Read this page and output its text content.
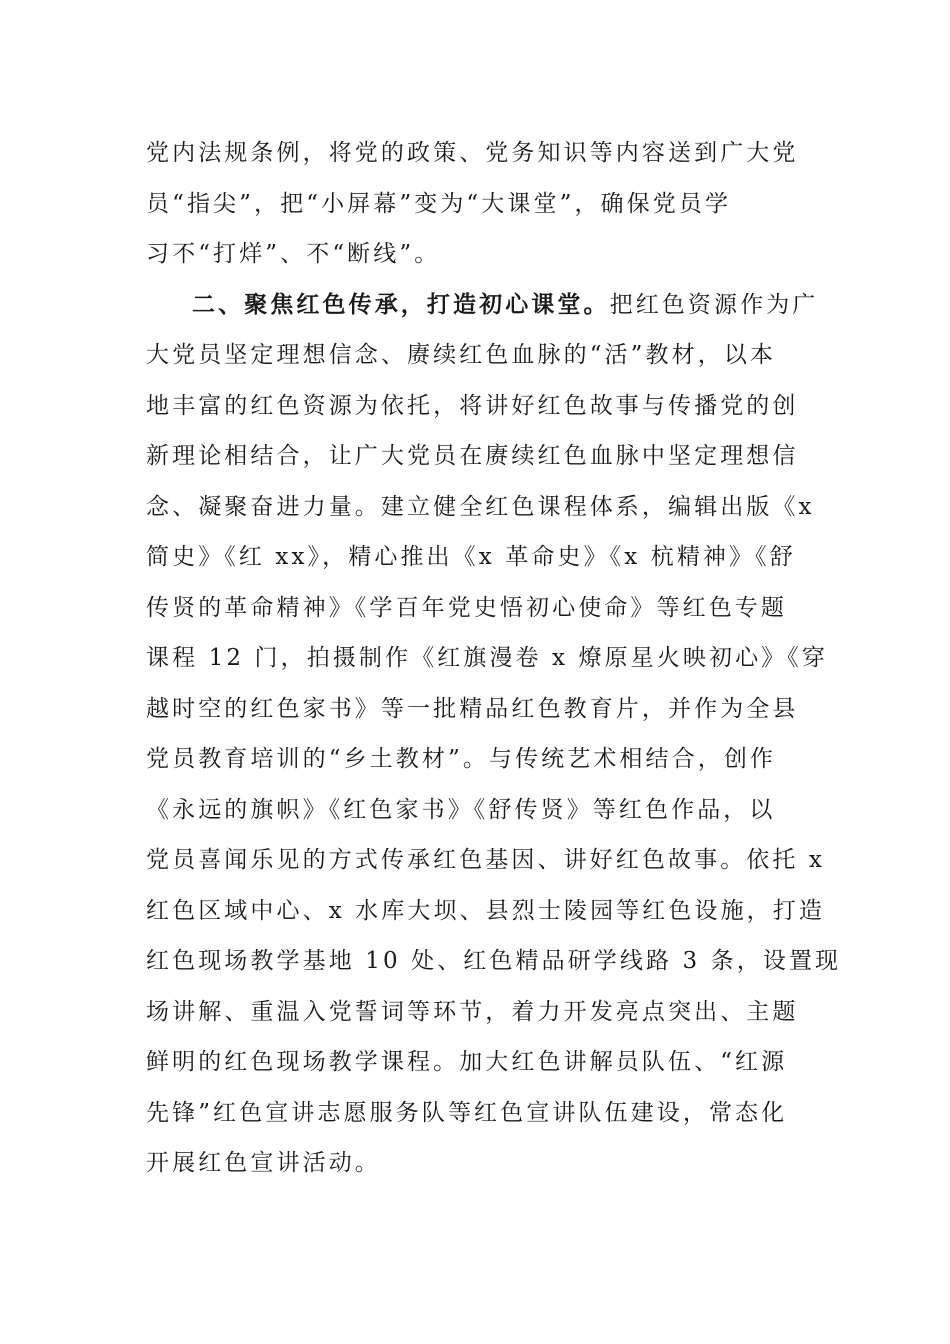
党内法规条例，将党的政策、党务知识等内容送到广大党
员“指尖”，把“小屏幕”变为“大课堂”，确保党员学
习不“打烊”、不“断线”。
二、聚焦红色传承，打造初心课堂。把红色资源作为广
大党员坚定理想信念、赓续红色血脉的“活”教材，以本
地丰富的红色资源为依托，将讲好红色故事与传播党的创
新理论相结合，让广大党员在赓续红色血脉中坚定理想信
念、凝聚奋进力量。建立健全红色课程体系，编辑出版《x
简史》《红 xx》，精心推出《x 革命史》《x 杭精神》《舒
传贤的革命精神》《学百年党史悟初心使命》等红色专题
课程 12 门，拍摄制作《红旗漫卷 x 燎原星火映初心》《穿
越时空的红色家书》等一批精品红色教育片，并作为全县
党员教育培训的“乡土教材”。与传统艺术相结合，创作
《永远的旗帜》《红色家书》《舒传贤》等红色作品，以
党员喜闻乐见的方式传承红色基因、讲好红色故事。依托 x
红色区域中心、x 水库大坝、县烈士陵园等红色设施，打造
红色现场教学基地 10 处、红色精品研学线路 3 条，设置现
场讲解、重温入党誓词等环节，着力开发亮点突出、主题
鲜明的红色现场教学课程。加大红色讲解员队伍、“红源
先锋”红色宣讲志愿服务队等红色宣讲队伍建设，常态化
开展红色宣讲活动。
